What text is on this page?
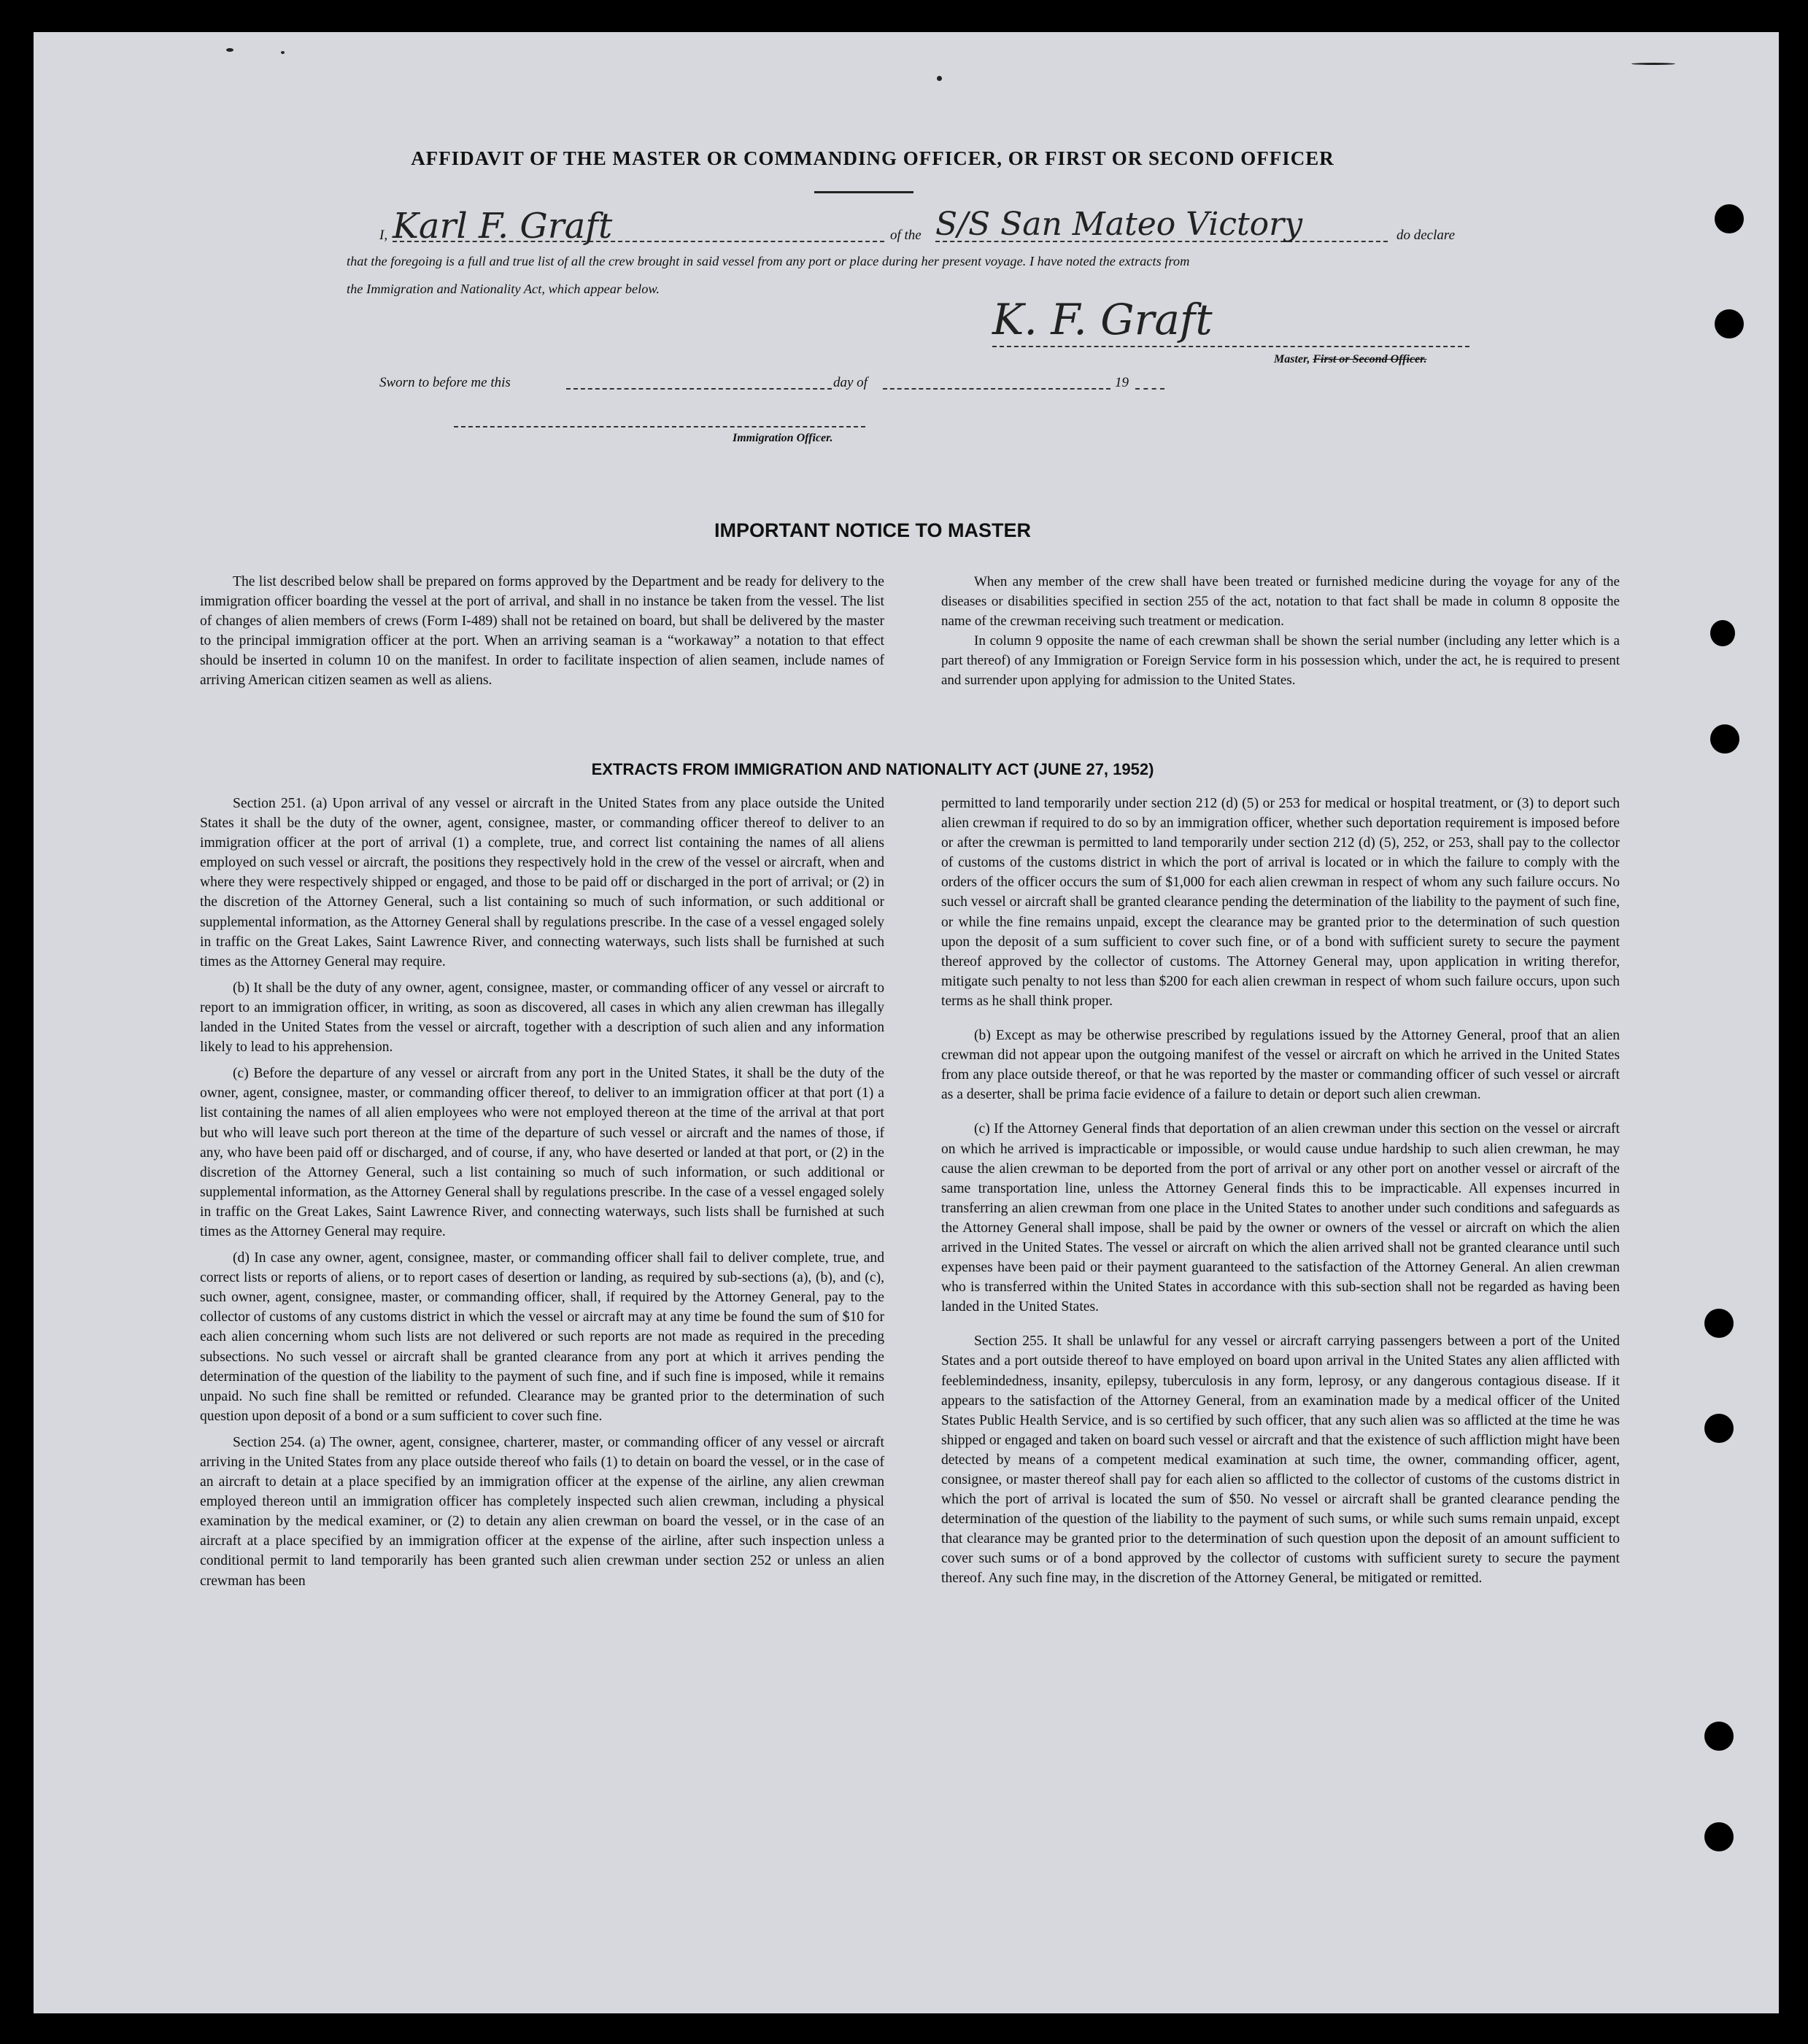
AFFIDAVIT OF THE MASTER OR COMMANDING OFFICER, OR FIRST OR SECOND OFFICER
I, Karl F. Graft	of the S/S San Mateo Victory	do declare
that the foregoing is a full and true list of all the crew brought in said vessel from any port or place during her present voyage. I have noted the extracts from
the Immigration and Nationality Act, which appear below.
K. F. Graft
Master, First or Second Officer.
Sworn to before me this	day of	19
Immigration Officer.
IMPORTANT NOTICE TO MASTER

The list described below shall be prepared on forms approved by the Department and be ready for delivery to the immigration officer boarding the vessel at the port of arrival, and shall in no instance be taken from the vessel. The list of changes of alien members of crews (Form I-489) shall not be retained on board, but shall be delivered by the master to the principal immigration officer at the port. When an arriving seaman is a “workaway” a notation to that effect should be inserted in column 10 on the manifest. In order to facilitate inspection of alien seamen, include names of arriving American citizen seamen as well as aliens.

When any member of the crew shall have been treated or furnished medicine during the voyage for any of the diseases or disabilities specified in section 255 of the act, notation to that fact shall be made in column 8 opposite the name of the crewman receiving such treatment or medication.

In column 9 opposite the name of each crewman shall be shown the serial number (including any letter which is a part thereof) of any Immigration or Foreign Service form in his possession which, under the act, he is required to present and surrender upon applying for admission to the United States.

EXTRACTS FROM IMMIGRATION AND NATIONALITY ACT (JUNE 27, 1952)

Section 251. (a) Upon arrival of any vessel or aircraft in the United States from any place outside the United States it shall be the duty of the owner, agent, consignee, master, or commanding officer thereof to deliver to an immigration officer at the port of arrival (1) a complete, true, and correct list containing the names of all aliens employed on such vessel or aircraft, the positions they respectively hold in the crew of the vessel or aircraft, when and where they were respectively shipped or engaged, and those to be paid off or discharged in the port of arrival; or (2) in the discretion of the Attorney General, such a list containing so much of such information, or such additional or supplemental information, as the Attorney General shall by regulations prescribe. In the case of a vessel engaged solely in traffic on the Great Lakes, Saint Lawrence River, and connecting waterways, such lists shall be furnished at such times as the Attorney General may require.

(b) It shall be the duty of any owner, agent, consignee, master, or commanding officer of any vessel or aircraft to report to an immigration officer, in writing, as soon as discovered, all cases in which any alien crewman has illegally landed in the United States from the vessel or aircraft, together with a description of such alien and any information likely to lead to his apprehension.

(c) Before the departure of any vessel or aircraft from any port in the United States, it shall be the duty of the owner, agent, consignee, master, or commanding officer thereof, to deliver to an immigration officer at that port (1) a list containing the names of all alien employees who were not employed thereon at the time of the arrival at that port but who will leave such port thereon at the time of the departure of such vessel or aircraft and the names of those, if any, who have been paid off or discharged, and of course, if any, who have deserted or landed at that port, or (2) in the discretion of the Attorney General, such a list containing so much of such information, or such additional or supplemental information, as the Attorney General shall by regulations prescribe. In the case of a vessel engaged solely in traffic on the Great Lakes, Saint Lawrence River, and connecting waterways, such lists shall be furnished at such times as the Attorney General may require.

(d) In case any owner, agent, consignee, master, or commanding officer shall fail to deliver complete, true, and correct lists or reports of aliens, or to report cases of desertion or landing, as required by sub-sections (a), (b), and (c), such owner, agent, consignee, master, or commanding officer, shall, if required by the Attorney General, pay to the collector of customs of any customs district in which the vessel or aircraft may at any time be found the sum of $10 for each alien concerning whom such lists are not delivered or such reports are not made as required in the preceding subsections. No such vessel or aircraft shall be granted clearance from any port at which it arrives pending the determination of the question of the liability to the payment of such fine, and if such fine is imposed, while it remains unpaid. No such fine shall be remitted or refunded. Clearance may be granted prior to the determination of such question upon deposit of a bond or a sum sufficient to cover such fine.

Section 254. (a) The owner, agent, consignee, charterer, master, or commanding officer of any vessel or aircraft arriving in the United States from any place outside thereof who fails (1) to detain on board the vessel, or in the case of an aircraft to detain at a place specified by an immigration officer at the expense of the airline, any alien crewman employed thereon until an immigration officer has completely inspected such alien crewman, including a physical examination by the medical examiner, or (2) to detain any alien crewman on board the vessel, or in the case of an aircraft at a place specified by an immigration officer at the expense of the airline, after such inspection unless a conditional permit to land temporarily has been granted such alien crewman under section 252 or unless an alien crewman has been

permitted to land temporarily under section 212 (d) (5) or 253 for medical or hospital treatment, or (3) to deport such alien crewman if required to do so by an immigration officer, whether such deportation requirement is imposed before or after the crewman is permitted to land temporarily under section 212 (d) (5), 252, or 253, shall pay to the collector of customs of the customs district in which the port of arrival is located or in which the failure to comply with the orders of the officer occurs the sum of $1,000 for each alien crewman in respect of whom any such failure occurs. No such vessel or aircraft shall be granted clearance pending the determination of the liability to the payment of such fine, or while the fine remains unpaid, except the clearance may be granted prior to the determination of such question upon the deposit of a sum sufficient to cover such fine, or of a bond with sufficient surety to secure the payment thereof approved by the collector of customs. The Attorney General may, upon application in writing therefor, mitigate such penalty to not less than $200 for each alien crewman in respect of whom such failure occurs, upon such terms as he shall think proper.

(b) Except as may be otherwise prescribed by regulations issued by the Attorney General, proof that an alien crewman did not appear upon the outgoing manifest of the vessel or aircraft on which he arrived in the United States from any place outside thereof, or that he was reported by the master or commanding officer of such vessel or aircraft as a deserter, shall be prima facie evidence of a failure to detain or deport such alien crewman.

(c) If the Attorney General finds that deportation of an alien crewman under this section on the vessel or aircraft on which he arrived is impracticable or impossible, or would cause undue hardship to such alien crewman, he may cause the alien crewman to be deported from the port of arrival or any other port on another vessel or aircraft of the same transportation line, unless the Attorney General finds this to be impracticable. All expenses incurred in transferring an alien crewman from one place in the United States to another under such conditions and safeguards as the Attorney General shall impose, shall be paid by the owner or owners of the vessel or aircraft on which the alien arrived in the United States. The vessel or aircraft on which the alien arrived shall not be granted clearance until such expenses have been paid or their payment guaranteed to the satisfaction of the Attorney General. An alien crewman who is transferred within the United States in accordance with this sub-section shall not be regarded as having been landed in the United States.

Section 255. It shall be unlawful for any vessel or aircraft carrying passengers between a port of the United States and a port outside thereof to have employed on board upon arrival in the United States any alien afflicted with feeblemindedness, insanity, epilepsy, tuberculosis in any form, leprosy, or any dangerous contagious disease. If it appears to the satisfaction of the Attorney General, from an examination made by a medical officer of the United States Public Health Service, and is so certified by such officer, that any such alien was so afflicted at the time he was shipped or engaged and taken on board such vessel or aircraft and that the existence of such affliction might have been detected by means of a competent medical examination at such time, the owner, commanding officer, agent, consignee, or master thereof shall pay for each alien so afflicted to the collector of customs of the customs district in which the port of arrival is located the sum of $50. No vessel or aircraft shall be granted clearance pending the determination of the question of the liability to the payment of such sums, or while such sums remain unpaid, except that clearance may be granted prior to the determination of such question upon the deposit of an amount sufficient to cover such sums or of a bond approved by the collector of customs with sufficient surety to secure the payment thereof. Any such fine may, in the discretion of the Attorney General, be mitigated or remitted.
